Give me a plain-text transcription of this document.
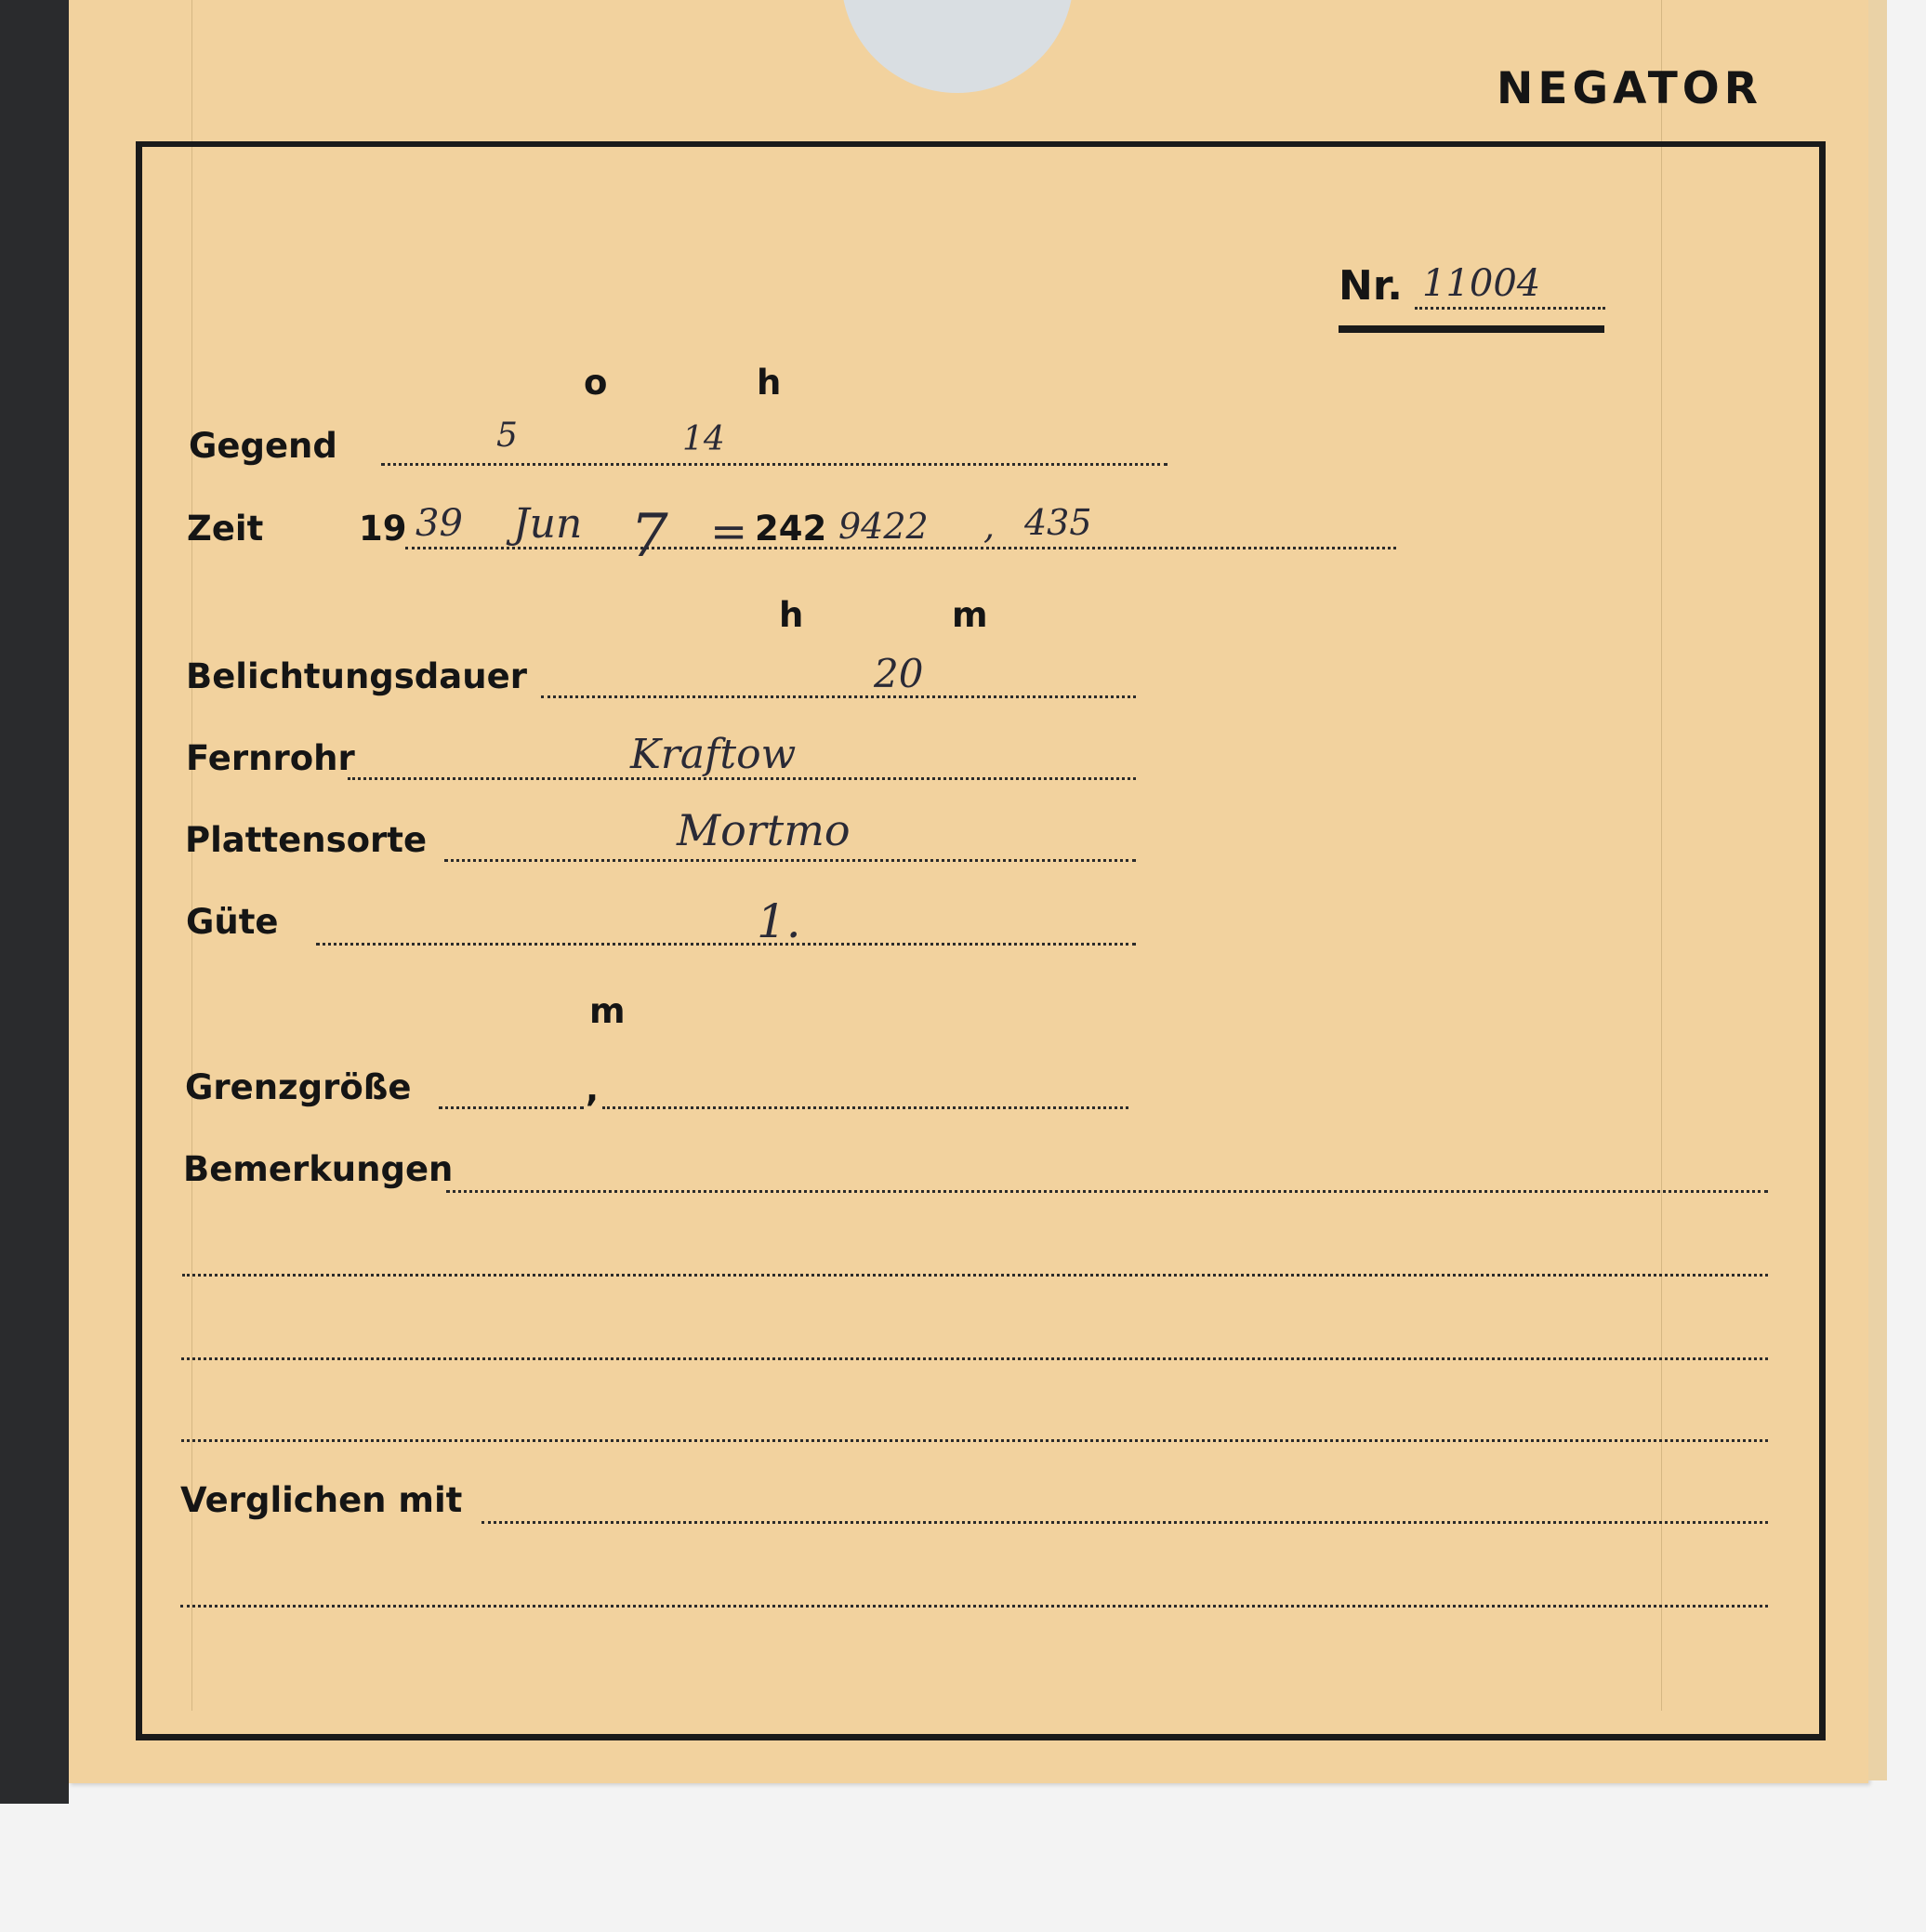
NEGATOR
Nr. 11004
o	h
Gegend	5	14
Zeit	19 39 Jun 7 = 242 9422 , 435
h	m
Belichtungsdauer	20
Fernrohr	Kraftow
Plattensorte	Mortmo
Güte	1.
m
Grenzgröße	,
Bemerkungen
Verglichen mit
